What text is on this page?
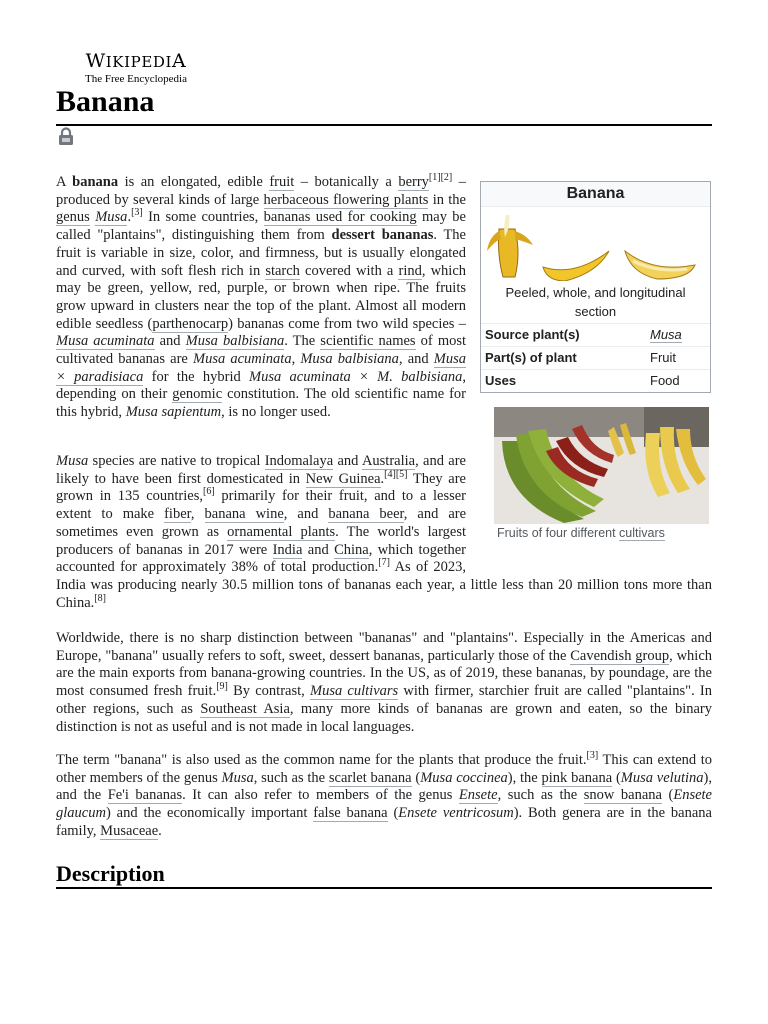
WIKIPEDIA
The Free Encyclopedia
Banana
Banana
Peeled, whole, and longitudinal section
Source plant(s)	Musa
Part(s) of plant	Fruit
Uses	Food
Fruits of four different cultivars

A banana is an elongated, edible fruit – botanically a berry[1][2] – produced by several kinds of large herbaceous flowering plants in the genus Musa.[3] In some countries, bananas used for cooking may be called "plantains", distinguishing them from dessert bananas. The fruit is variable in size, color, and firmness, but is usually elongated and curved, with soft flesh rich in starch covered with a rind, which may be green, yellow, red, purple, or brown when ripe. The fruits grow upward in clusters near the top of the plant. Almost all modern edible seedless (parthenocarp) bananas come from two wild species – Musa acuminata and Musa balbisiana. The scientific names of most cultivated bananas are Musa acuminata, Musa balbisiana, and Musa × paradisiaca for the hybrid Musa acuminata × M. balbisiana, depending on their genomic constitution. The old scientific name for this hybrid, Musa sapientum, is no longer used.

Musa species are native to tropical Indomalaya and Australia, and are likely to have been first domesticated in New Guinea.[4][5] They are grown in 135 countries,[6] primarily for their fruit, and to a lesser extent to make fiber, banana wine, and banana beer, and are sometimes even grown as ornamental plants. The world's largest producers of bananas in 2017 were India and China, which together accounted for approximately 38% of total production.[7] As of 2023, India was producing nearly 30.5 million tons of bananas each year, a little less than 20 million tons more than China.[8]

Worldwide, there is no sharp distinction between "bananas" and "plantains". Especially in the Americas and Europe, "banana" usually refers to soft, sweet, dessert bananas, particularly those of the Cavendish group, which are the main exports from banana-growing countries. In the US, as of 2019, these bananas, by poundage, are the most consumed fresh fruit.[9] By contrast, Musa cultivars with firmer, starchier fruit are called "plantains". In other regions, such as Southeast Asia, many more kinds of bananas are grown and eaten, so the binary distinction is not as useful and is not made in local languages.

The term "banana" is also used as the common name for the plants that produce the fruit.[3] This can extend to other members of the genus Musa, such as the scarlet banana (Musa coccinea), the pink banana (Musa velutina), and the Fe'i bananas. It can also refer to members of the genus Ensete, such as the snow banana (Ensete glaucum) and the economically important false banana (Ensete ventricosum). Both genera are in the banana family, Musaceae.

Description
